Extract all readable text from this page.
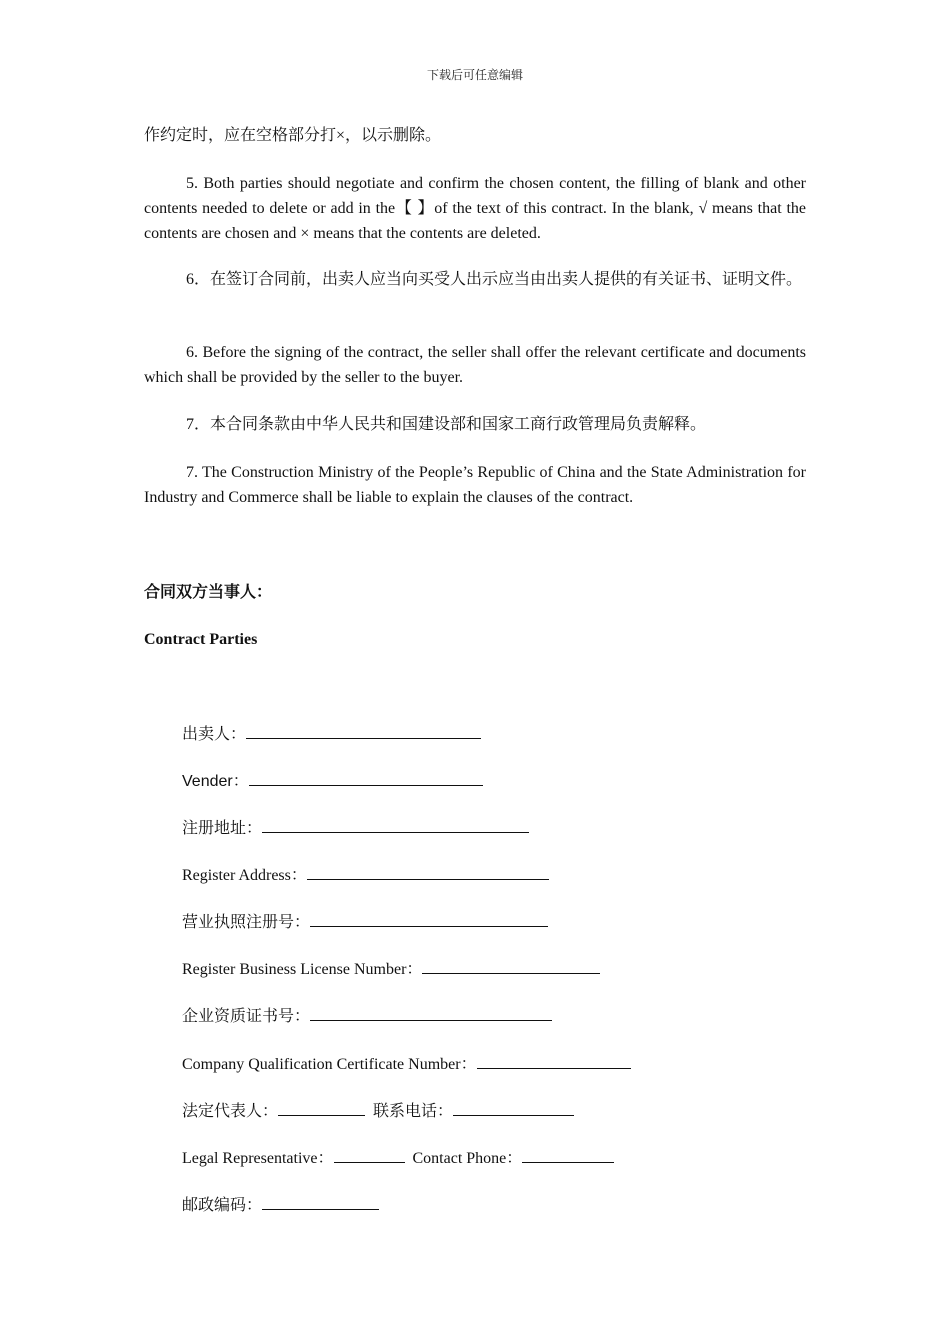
下载后可任意编辑
作约定时，应在空格部分打×，以示删除。
5. Both parties should negotiate and confirm the chosen content, the filling of blank and other contents needed to delete or add in the【 】of the text of this contract. In the blank, √ means that the contents are chosen and × means that the contents are deleted.
6．在签订合同前，出卖人应当向买受人出示应当由出卖人提供的有关证书、证明文件。
6. Before the signing of the contract, the seller shall offer the relevant certificate and documents which shall be provided by the seller to the buyer.
7．本合同条款由中华人民共和国建设部和国家工商行政管理局负责解释。
7. The Construction Ministry of the People’s Republic of China and the State Administration for Industry and Commerce shall be liable to explain the clauses of the contract.
合同双方当事人：
Contract Parties
出卖人：
Vender：
注册地址：
Register Address：
营业执照注册号：
Register Business License Number：
企业资质证书号：
Company Qualification Certificate Number：
法定代表人：	联系电话：
Legal Representative：	Contact Phone：
邮政编码：
